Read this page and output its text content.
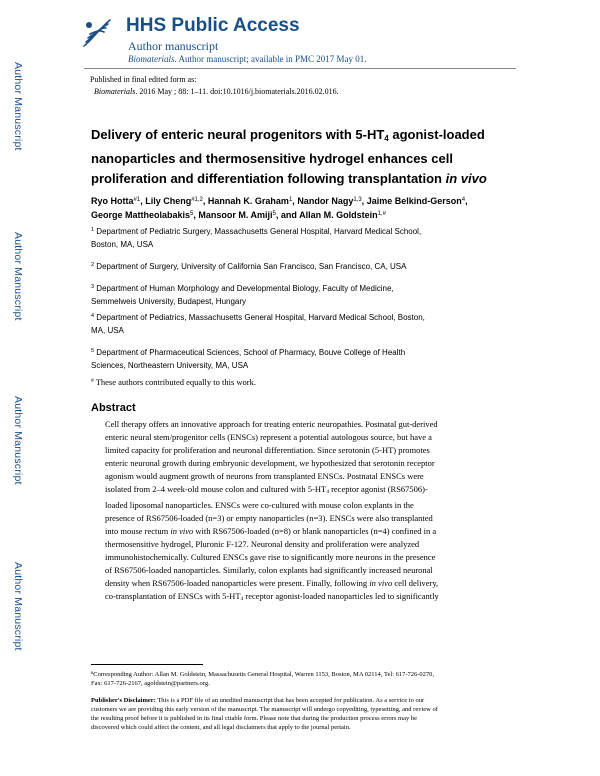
Author Manuscript
Author Manuscript
Author Manuscript
Author Manuscript
HHS Public Access
Author manuscript
Biomaterials. Author manuscript; available in PMC 2017 May 01.
Published in final edited form as:
Biomaterials. 2016 May ; 88: 1–11. doi:10.1016/j.biomaterials.2016.02.016.
Delivery of enteric neural progenitors with $5-HT_4$ agonist-loaded
nanoparticles and thermosensitive hydrogel enhances cell
proliferation and differentiation following transplantation in vivo
Ryo Hotta$^{\#1}$, Lily Cheng$^{\#1,2}$, Hannah K. Graham$^1$, Nandor Nagy$^{1,3}$, Jaime Belkind-Gerson$^4$,
George Mattheolabakis$^5$, Mansoor M. Amiji$^5$, and Allan M. Goldstein$^{1,\#}$
$^1$ Department of Pediatric Surgery, Massachusetts General Hospital, Harvard Medical School,
Boston, MA, USA
$^2$ Department of Surgery, University of California San Francisco, San Francisco, CA, USA
$^3$ Department of Human Morphology and Developmental Biology, Faculty of Medicine,
Semmelweis University, Budapest, Hungary
$^4$ Department of Pediatrics, Massachusetts General Hospital, Harvard Medical School, Boston,
MA, USA
$^5$ Department of Pharmaceutical Sciences, School of Pharmacy, Bouve College of Health
Sciences, Northeastern University, MA, USA
# These authors contributed equally to this work.
Abstract
Cell therapy offers an innovative approach for treating enteric neuropathies. Postnatal gut-derived
enteric neural stem/progenitor cells (ENSCs) represent a potential autologous source, but have a
limited capacity for proliferation and neuronal differentiation. Since serotonin (5-HT) promotes
enteric neuronal growth during embryonic development, we hypothesized that serotonin receptor
agonism would augment growth of neurons from transplanted ENSCs. Postnatal ENSCs were
isolated from 2–4 week-old mouse colon and cultured with $5-HT_4$ receptor agonist (RS67506)-
loaded liposomal nanoparticles. ENSCs were co-cultured with mouse colon explants in the
presence of RS67506-loaded (n=3) or empty nanoparticles (n=3). ENSCs were also transplanted
into mouse rectum in vivo with RS67506-loaded (n=8) or blank nanoparticles (n=4) confined in a
thermosensitive hydrogel, Pluronic F-127. Neuronal density and proliferation were analyzed
immunohistochemically. Cultured ENSCs gave rise to significantly more neurons in the presence
of RS67506-loaded nanoparticles. Similarly, colon explants had significantly increased neuronal
density when RS67506-loaded nanoparticles were present. Finally, following in vivo cell delivery,
co-transplantation of ENSCs with $5-HT_4$ receptor agonist-loaded nanoparticles led to significantly
#Corresponding Author: Allan M. Goldstein, Massachusetts General Hospital, Warren 1153, Boston, MA 02114, Tel: 617-726-0270,
Fax: 617-726-2167, agoldstein@partners.org.
Publisher's Disclaimer: This is a PDF file of an unedited manuscript that has been accepted for publication. As a service to our
customers we are providing this early version of the manuscript. The manuscript will undergo copyediting, typesetting, and review of
the resulting proof before it is published in its final citable form. Please note that during the production process errors may be
discovered which could affect the content, and all legal disclaimers that apply to the journal pertain.
